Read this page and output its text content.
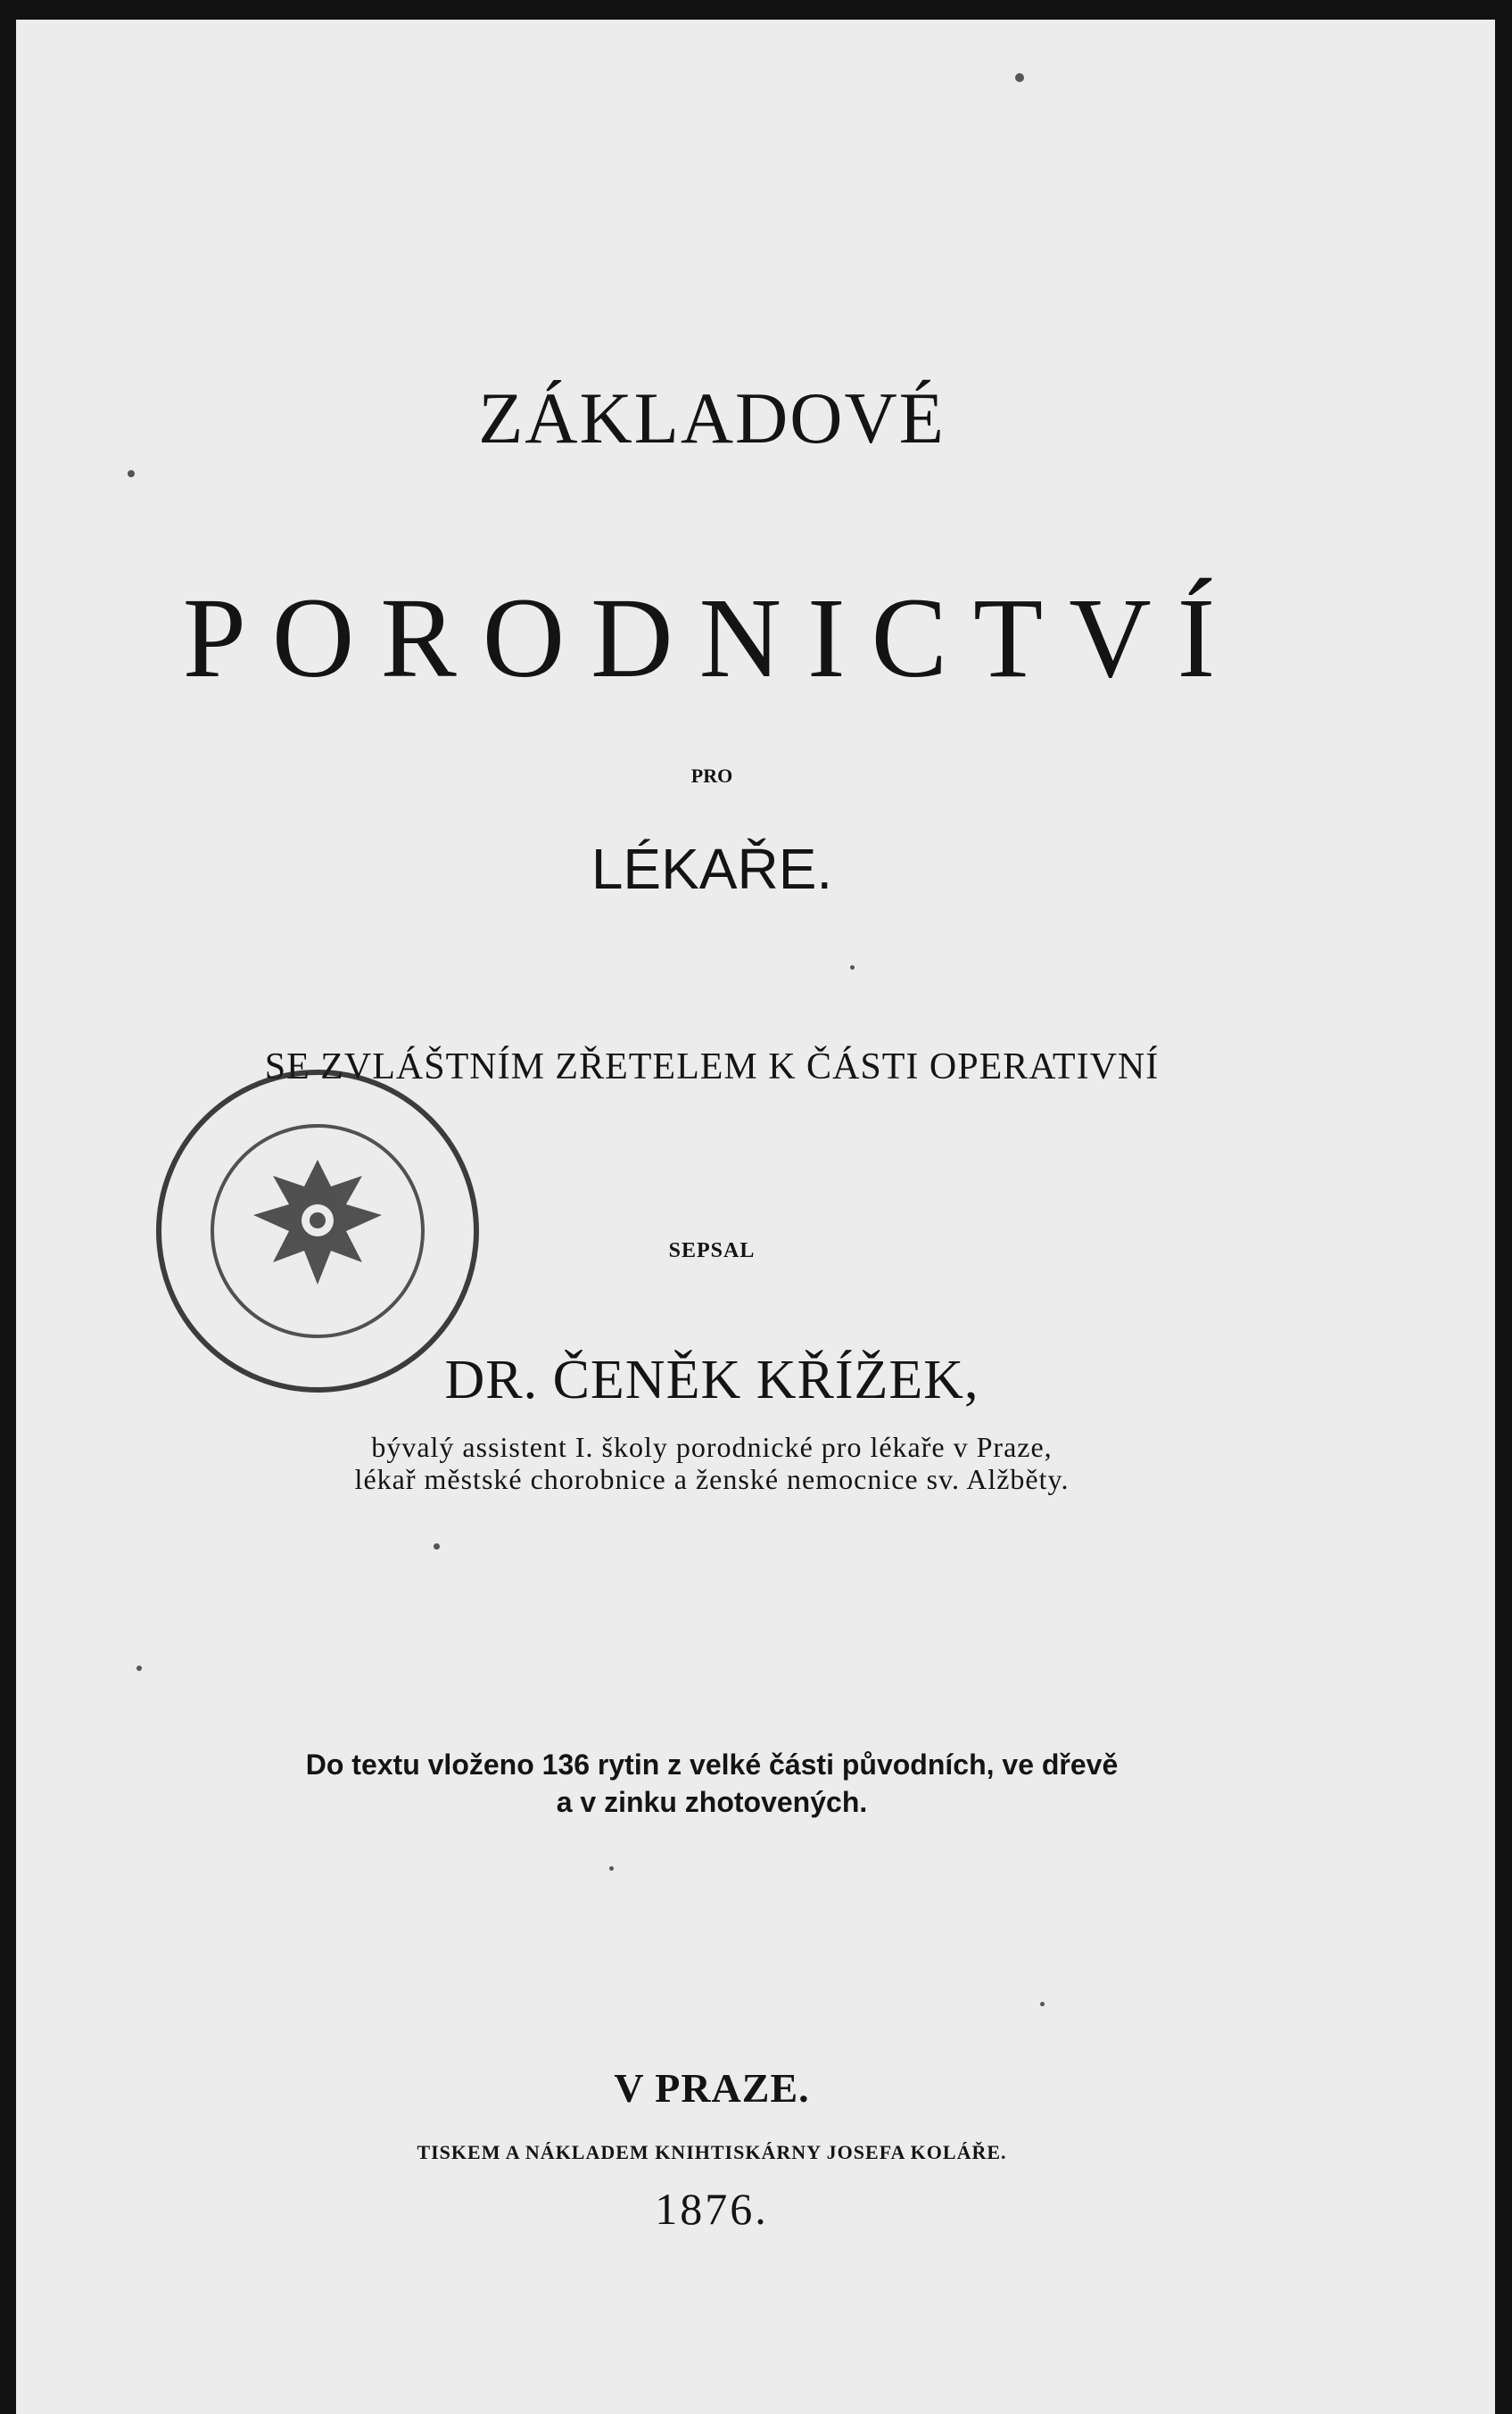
ZÁKLADOVÉ
PORODNICTVÍ
PRO
LÉKAŘE.
SE ZVLÁŠTNÍM ZŘETELEM K ČÁSTI OPERATIVNÍ
SEPSAL
DR. ČENĚK KŘÍŽEK,
bývalý assistent I. školy porodnické pro lékaře v Praze,
lékař městské chorobnice a ženské nemocnice sv. Alžběty.
Do textu vloženo 136 rytin z velké části původních, ve dřevě
a v zinku zhotovených.
V PRAZE.
TISKEM A NÁKLADEM KNIHTISKÁRNY JOSEFA KOLÁŘE.
1876.
